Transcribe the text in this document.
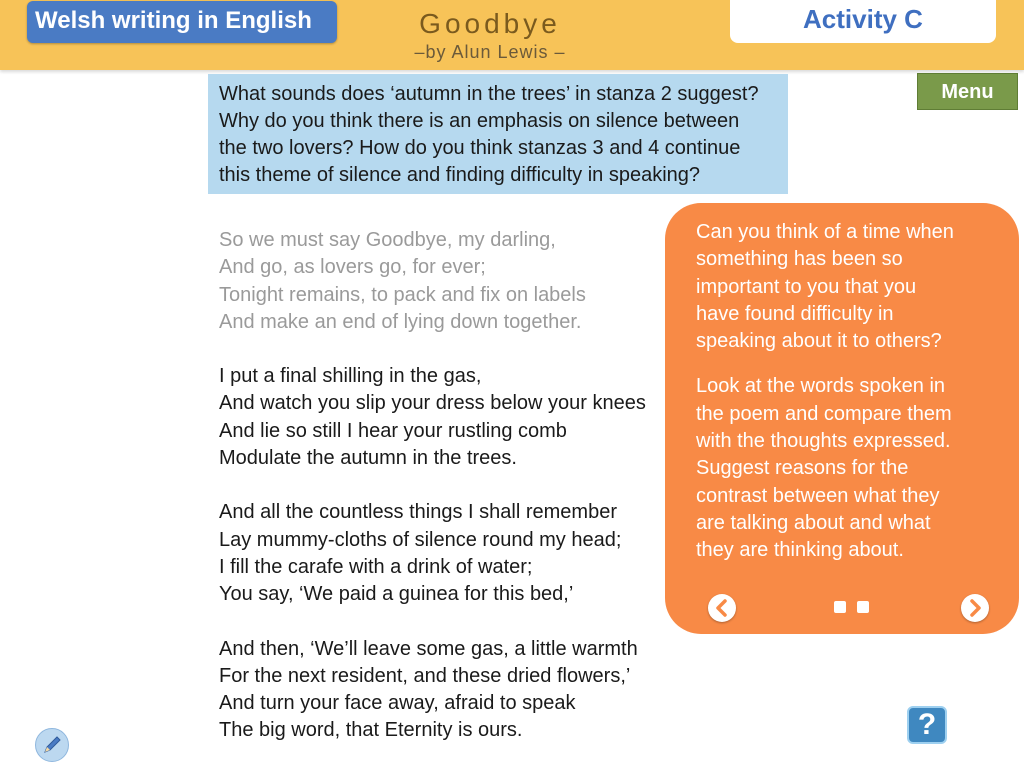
Welsh writing in English	Goodbye
–by Alun Lewis –
Activity C
Menu
What sounds does ‘autumn in the trees’ in stanza 2 suggest?
Why do you think there is an emphasis on silence between
the two lovers? How do you think stanzas 3 and 4 continue
this theme of silence and finding difficulty in speaking?
So we must say Goodbye, my darling,
And go, as lovers go, for ever;
Tonight remains, to pack and fix on labels
And make an end of lying down together.
I put a final shilling in the gas,
And watch you slip your dress below your knees
And lie so still I hear your rustling comb
Modulate the autumn in the trees.
And all the countless things I shall remember
Lay mummy-cloths of silence round my head;
I fill the carafe with a drink of water;
You say, ‘We paid a guinea for this bed,’
And then, ‘We’ll leave some gas, a little warmth
For the next resident, and these dried flowers,’
And turn your face away, afraid to speak
The big word, that Eternity is ours.

Can you think of a time when
something has been so
important to you that you
have found difficulty in
speaking about it to others?

Look at the words spoken in
the poem and compare them
with the thoughts expressed.
Suggest reasons for the
contrast between what they
are talking about and what
they are thinking about.

?
